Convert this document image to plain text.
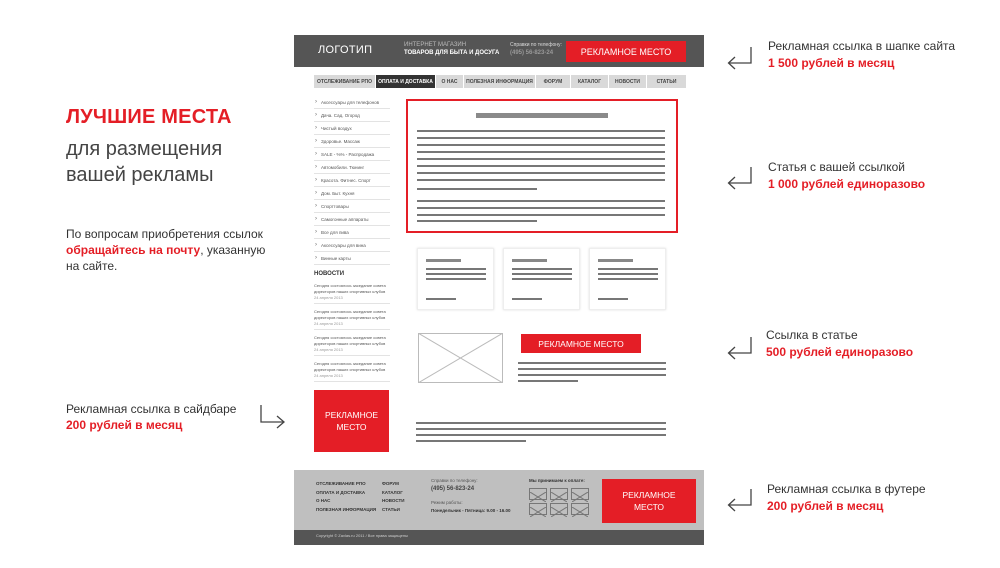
ЛУЧШИЕ МЕСТА
для размещения
вашей рекламы
По вопросам приобретения ссылок обращайтесь на почту, указанную на сайте.
Рекламная ссылка в сайдбаре
200 рублей в месяц
Рекламная ссылка в шапке сайта
1 500 рублей в месяц
Статья с вашей ссылкой
1 000 рублей единоразово
Ссылка в статье
500 рублей единоразово
Рекламная ссылка в футере
200 рублей в месяц
ЛОГОТИП	ИНТЕРНЕТ МАГАЗИН
ТОВАРОВ ДЛЯ БЫТА И ДОСУГА
Справки по телефону:
(495) 56-823-24	РЕКЛАМНОЕ МЕСТО
ОТСЛЕЖИВАНИЕ РПО	ОПЛАТА И ДОСТАВКА	О НАС	ПОЛЕЗНАЯ ИНФОРМАЦИЯ	ФОРУМ	КАТАЛОГ	НОВОСТИ	СТАТЬИ
› Аксессуары для телефонов
› Дача. Сад. Огород
› Чистый воздух
› Здоровье. Массаж
› SALE - %% - Распродажа
› Автомобили. Тюнинг
› Красота. Фитнес. Спорт
› Дом. Быт. Кухня
› Спорттовары
› Самогонные аппараты
› Все для пива
› Аксессуары для вина
› Винные карты
НОВОСТИ
Сегодня состоялось заседание совета директоров наших спортивных клубов
24 апреля 2013
Сегодня состоялось заседание совета директоров наших спортивных клубов
24 апреля 2013
Сегодня состоялось заседание совета директоров наших спортивных клубов
24 апреля 2013
Сегодня состоялось заседание совета директоров наших спортивных клубов
24 апреля 2013
РЕКЛАМНОЕ
МЕСТО
РЕКЛАМНОЕ МЕСТО
ОТСЛЕЖИВАНИЕ РПО
ОПЛАТА И ДОСТАВКА
О НАС
ПОЛЕЗНАЯ ИНФОРМАЦИЯ
ФОРУМ
КАТАЛОГ
НОВОСТИ
СТАТЬИ
Справки по телефону:
(495) 56-823-24
Режим работы:
Понедельник - Пятница: 9.00 - 16.00
Мы принимаем к оплате:
РЕКЛАМНОЕ
МЕСТО
Copyright © Zavlas.ru 2011 / Все права защищены
